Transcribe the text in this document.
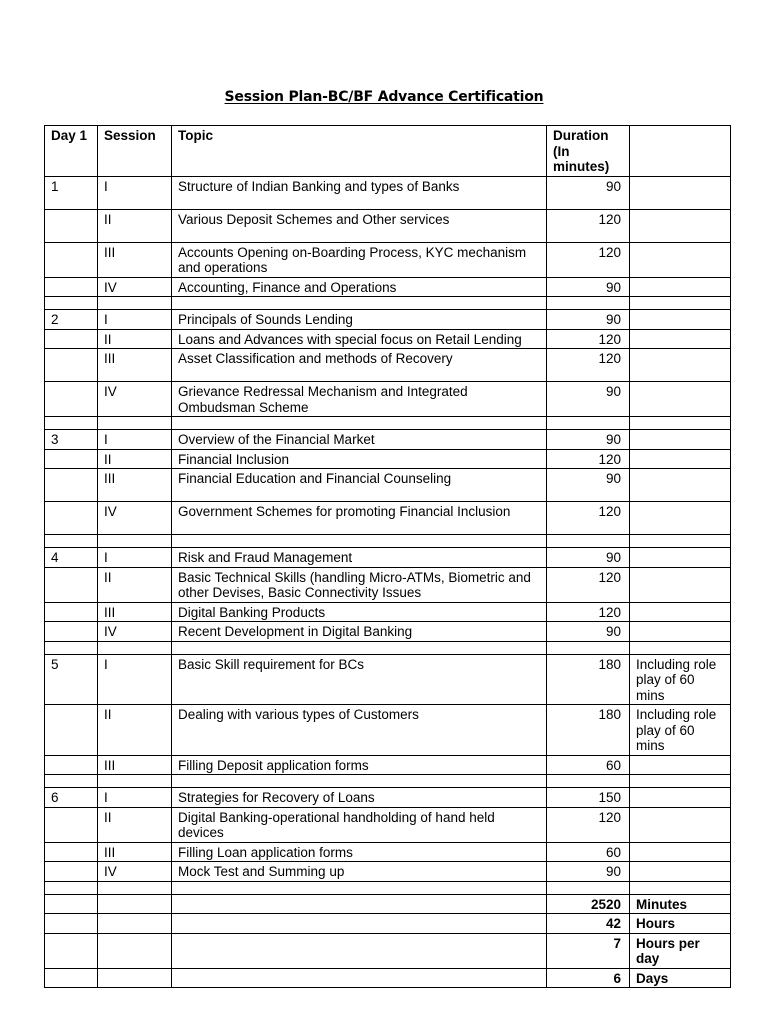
Session Plan-BC/BF Advance Certification
Day 1	Session	Topic	Duration (In minutes)	
1	I	Structure of Indian Banking and types of Banks	90	
	II	Various Deposit Schemes and Other services	120	
	III	Accounts Opening on-Boarding Process, KYC mechanism and operations	120	
	IV	Accounting, Finance and Operations	90	

2	I	Principals of Sounds Lending	90	
	II	Loans and Advances with special focus on Retail Lending	120	
	III	Asset Classification and methods of Recovery	120	
	IV	Grievance Redressal Mechanism and Integrated Ombudsman Scheme	90	

3	I	Overview of the Financial Market	90	
	II	Financial Inclusion	120	
	III	Financial Education and Financial Counseling	90	
	IV	Government Schemes for promoting Financial Inclusion	120	

4	I	Risk and Fraud Management	90	
	II	Basic Technical Skills (handling Micro-ATMs, Biometric and other Devises, Basic Connectivity Issues	120	
	III	Digital Banking Products	120	
	IV	Recent Development in Digital Banking	90	

5	I	Basic Skill requirement for BCs	180	Including role play of 60 mins
	II	Dealing with various types of Customers	180	Including role play of 60 mins
	III	Filling Deposit application forms	60	

6	I	Strategies for Recovery of Loans	150	
	II	Digital Banking-operational handholding of hand held devices	120	
	III	Filling Loan application forms	60	
	IV	Mock Test and Summing up	90	

			2520	Minutes
			42	Hours
			7	Hours per day
			6	Days
